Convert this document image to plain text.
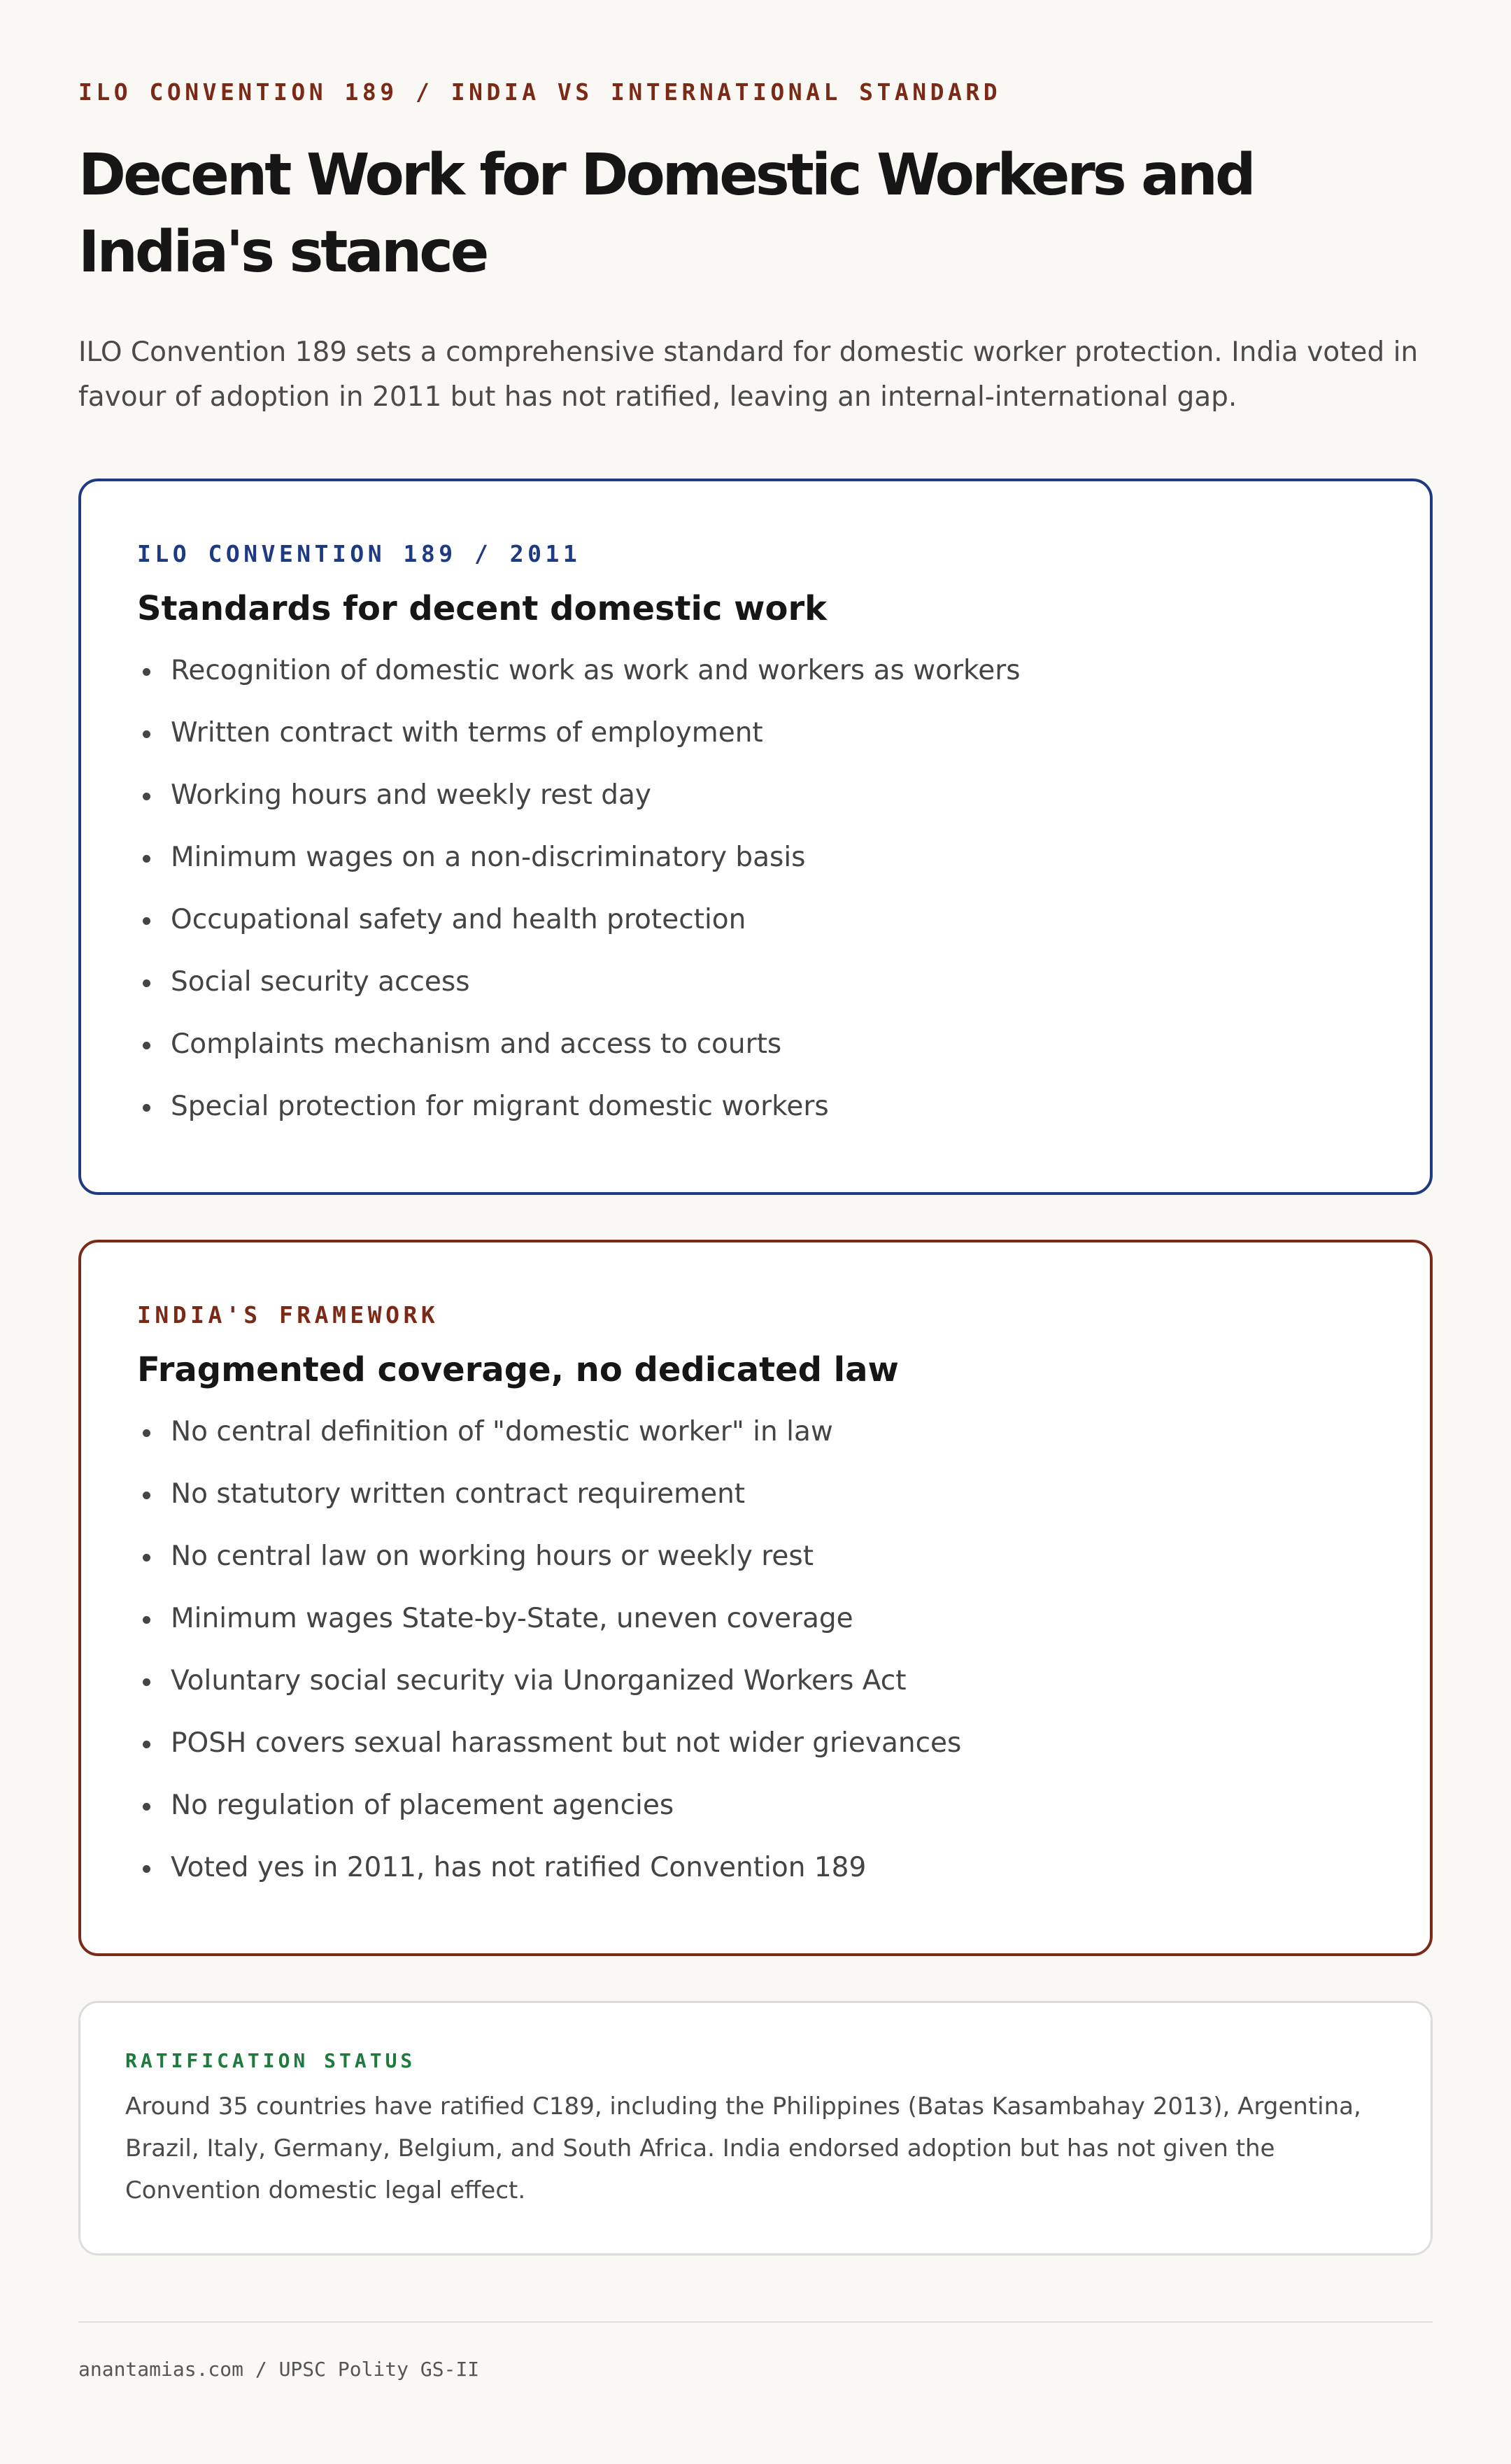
ILO CONVENTION 189 / INDIA VS INTERNATIONAL STANDARD
Decent Work for Domestic Workers and India's stance

ILO Convention 189 sets a comprehensive standard for domestic worker protection. India voted in favour of adoption in 2011 but has not ratified, leaving an internal-international gap.

ILO CONVENTION 189 / 2011
Standards for decent domestic work
Recognition of domestic work as work and workers as workers
Written contract with terms of employment
Working hours and weekly rest day
Minimum wages on a non-discriminatory basis
Occupational safety and health protection
Social security access
Complaints mechanism and access to courts
Special protection for migrant domestic workers
INDIA'S FRAMEWORK
Fragmented coverage, no dedicated law
No central definition of "domestic worker" in law
No statutory written contract requirement
No central law on working hours or weekly rest
Minimum wages State-by-State, uneven coverage
Voluntary social security via Unorganized Workers Act
POSH covers sexual harassment but not wider grievances
No regulation of placement agencies
Voted yes in 2011, has not ratified Convention 189
RATIFICATION STATUS

Around 35 countries have ratified C189, including the Philippines (Batas Kasambahay 2013), Argentina, Brazil, Italy, Germany, Belgium, and South Africa. India endorsed adoption but has not given the Convention domestic legal effect.

anantamias.com / UPSC Polity GS-II
